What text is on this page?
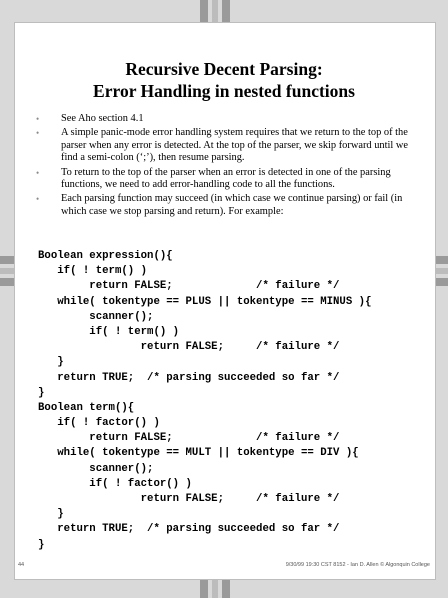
Recursive Decent Parsing:
Error Handling in nested functions
• See Aho section 4.1
• A simple panic-mode error handling system requires that we return to the top of the parser when any error is detected. At the top of the parser, we skip forward until we find a semi-colon (‘;’), then resume parsing.
• To return to the top of the parser when an error is detected in one of the parsing functions, we need to add error-handling code to all the functions.
• Each parsing function may succeed (in which case we continue parsing) or fail (in which case we stop parsing and return). For example:
Boolean expression(){
if( ! term() )
return FALSE;             /* failure */
while( tokentype == PLUS || tokentype == MINUS ){
scanner();
if( ! term() )
return FALSE;     /* failure */
}
return TRUE;  /* parsing succeeded so far */
}
Boolean term(){
if( ! factor() )
return FALSE;             /* failure */
while( tokentype == MULT || tokentype == DIV ){
scanner();
if( ! factor() )
return FALSE;     /* failure */
}
return TRUE;  /* parsing succeeded so far */
}
44	9/30/99 19:30 CST 8152 - Ian D. Allen © Algonquin College
